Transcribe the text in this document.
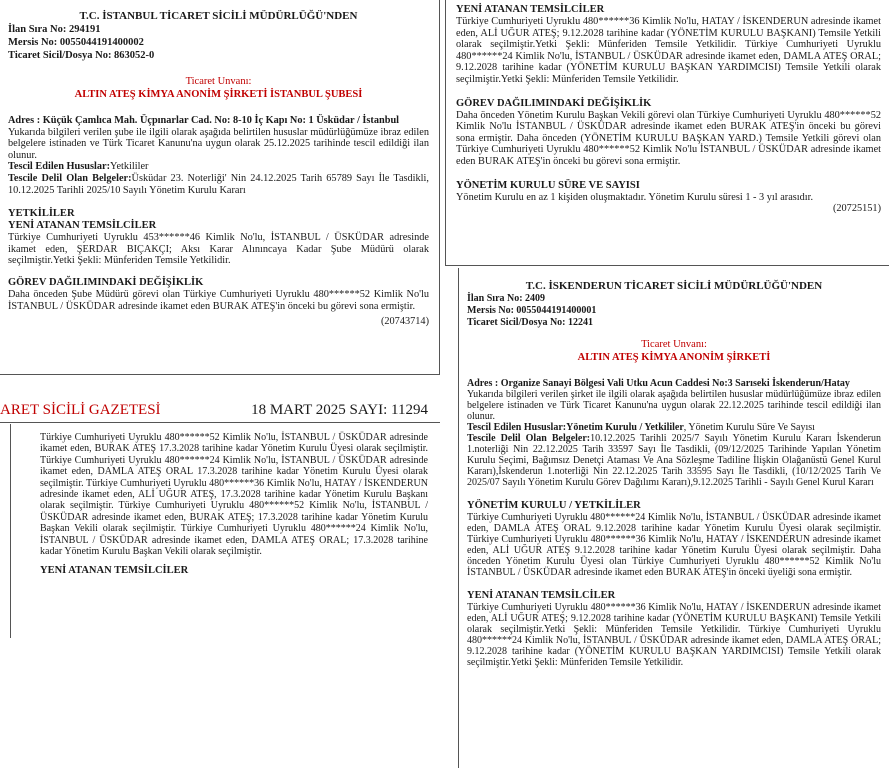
T.C. İSTANBUL TİCARET SİCİLİ MÜDÜRLÜĞÜ'NDEN
İlan Sıra No: 294191
Mersis No: 0055044191400002
Ticaret Sicil/Dosya No: 863052-0
Ticaret Unvanı:
ALTIN ATEŞ KİMYA ANONİM ŞİRKETİ İSTANBUL ŞUBESİ
Adres : Küçük Çamlıca Mah. Üçpınarlar Cad. No: 8-10 İç Kapı No: 1 Üsküdar / İstanbul
Yukarıda bilgileri verilen şube ile ilgili olarak aşağıda belirtilen hususlar müdürlüğümüze ibraz edilen belgelere istinaden ve Türk Ticaret Kanunu'na uygun olarak 25.12.2025 tarihinde tescil edildiği ilan olunur.
Tescil Edilen Hususlar:Yetkililer
Tescile Delil Olan Belgeler:Üsküdar 23. Noterliği' Nin 24.12.2025 Tarih 65789 Sayı İle Tasdikli, 10.12.2025 Tarihli 2025/10 Sayılı Yönetim Kurulu Kararı
YETKİLİLER
YENİ ATANAN TEMSİLCİLER
Türkiye Cumhuriyeti Uyruklu 453******46 Kimlik No'lu, İSTANBUL / ÜSKÜDAR adresinde ikamet eden, ŞERDAR BIÇAKÇI; Aksı Karar Alınıncaya Kadar Şube Müdürü olarak seçilmiştir.Yetki Şekli: Münferiden Temsile Yetkilidir.
GÖREV DAĞILIMINDAKİ DEĞİŞİKLİK
Daha önceden Şube Müdürü görevi olan Türkiye Cumhuriyeti Uyruklu 480******52 Kimlik No'lu İSTANBUL / ÜSKÜDAR adresinde ikamet eden BURAK ATEŞ'in önceki bu görevi sona ermiştir.
(20743714)
YENİ ATANAN TEMSİLCİLER
Türkiye Cumhuriyeti Uyruklu 480******36 Kimlik No'lu, HATAY / İSKENDERUN adresinde ikamet eden, ALİ UĞUR ATEŞ; 9.12.2028 tarihine kadar (YÖNETİM KURULU BAŞKANI) Temsile Yetkili olarak seçilmiştir.Yetki Şekli: Münferiden Temsile Yetkilidir. Türkiye Cumhuriyeti Uyruklu 480******24 Kimlik No'lu, İSTANBUL / ÜSKÜDAR adresinde ikamet eden, DAMLA ATEŞ ORAL; 9.12.2028 tarihine kadar (YÖNETİM KURULU BAŞKAN YARDIMCISI) Temsile Yetkili olarak seçilmiştir.Yetki Şekli: Münferiden Temsile Yetkilidir.
GÖREV DAĞILIMINDAKİ DEĞİŞİKLİK
Daha önceden Yönetim Kurulu Başkan Vekili görevi olan Türkiye Cumhuriyeti Uyruklu 480******52 Kimlik No'lu İSTANBUL / ÜSKÜDAR adresinde ikamet eden BURAK ATEŞ'in önceki bu görevi sona ermiştir. Daha önceden (YÖNETİM KURULU BAŞKAN YARD.) Temsile Yetkili görevi olan Türkiye Cumhuriyeti Uyruklu 480******52 Kimlik No'lu İSTANBUL / ÜSKÜDAR adresinde ikamet eden BURAK ATEŞ'in önceki bu görevi sona ermiştir.
YÖNETİM KURULU SÜRE VE SAYISI
Yönetim Kurulu en az 1 kişiden oluşmaktadır. Yönetim Kurulu süresi 1 - 3 yıl arasıdır.
(20725151)
ARET SİCİLİ GAZETESİ	18 MART 2025 SAYI: 11294
Türkiye Cumhuriyeti Uyruklu 480******52 Kimlik No'lu, İSTANBUL / ÜSKÜDAR adresinde ikamet eden, BURAK ATEŞ 17.3.2028 tarihine kadar Yönetim Kurulu Üyesi olarak seçilmiştir. Türkiye Cumhuriyeti Uyruklu 480******24 Kimlik No'lu, İSTANBUL / ÜSKÜDAR adresinde ikamet eden, DAMLA ATEŞ ORAL 17.3.2028 tarihine kadar Yönetim Kurulu Üyesi olarak seçilmiştir. Türkiye Cumhuriyeti Uyruklu 480******36 Kimlik No'lu, HATAY / İSKENDERUN adresinde ikamet eden, ALİ UĞUR ATEŞ, 17.3.2028 tarihine kadar Yönetim Kurulu Başkanı olarak seçilmiştir. Türkiye Cumhuriyeti Uyruklu 480******52 Kimlik No'lu, İSTANBUL / ÜSKÜDAR adresinde ikamet eden, BURAK ATEŞ; 17.3.2028 tarihine kadar Yönetim Kurulu Başkan Vekili olarak seçilmiştir. Türkiye Cumhuriyeti Uyruklu 480******24 Kimlik No'lu, İSTANBUL / ÜSKÜDAR adresinde ikamet eden, DAMLA ATEŞ ORAL; 17.3.2028 tarihine kadar Yönetim Kurulu Başkan Vekili olarak seçilmiştir.
YENİ ATANAN TEMSİLCİLER
T.C. İSKENDERUN TİCARET SİCİLİ MÜDÜRLÜĞÜ'NDEN
İlan Sıra No: 2409
Mersis No: 0055044191400001
Ticaret Sicil/Dosya No: 12241
Ticaret Unvanı:
ALTIN ATEŞ KİMYA ANONİM ŞİRKETİ
Adres : Organize Sanayi Bölgesi Vali Utku Acun Caddesi No:3 Sarıseki İskenderun/Hatay
Yukarıda bilgileri verilen şirket ile ilgili olarak aşağıda belirtilen hususlar müdürlüğümüze ibraz edilen belgelere istinaden ve Türk Ticaret Kanunu'na uygun olarak 22.12.2025 tarihinde tescil edildiği ilan olunur.
Tescil Edilen Hususlar:Yönetim Kurulu / Yetkililer, Yönetim Kurulu Süre Ve Sayısı
Tescile Delil Olan Belgeler:10.12.2025 Tarihli 2025/7 Sayılı Yönetim Kurulu Kararı İskenderun 1.noterliği Nin 22.12.2025 Tarih 33597 Sayı İle Tasdikli, (09/12/2025 Tarihinde Yapılan Yönetim Kurulu Seçimi, Bağımsız Denetçi Ataması Ve Ana Sözleşme Tadiline İlişkin Olağanüstü Genel Kurul Kararı),İskenderun 1.noterliği Nin 22.12.2025 Tarih 33595 Sayı İle Tasdikli, (10/12/2025 Tarih Ve 2025/07 Sayılı Yönetim Kurulu Görev Dağılımı Kararı),9.12.2025 Tarihli - Sayılı Genel Kurul Kararı
YÖNETİM KURULU / YETKİLİLER
Türkiye Cumhuriyeti Uyruklu 480******24 Kimlik No'lu, İSTANBUL / ÜSKÜDAR adresinde ikamet eden, DAMLA ATEŞ ORAL 9.12.2028 tarihine kadar Yönetim Kurulu Üyesi olarak seçilmiştir. Türkiye Cumhuriyeti Uyruklu 480******36 Kimlik No'lu, HATAY / İSKENDERUN adresinde ikamet eden, ALİ UĞUR ATEŞ 9.12.2028 tarihine kadar Yönetim Kurulu Üyesi olarak seçilmiştir. Daha önceden Yönetim Kurulu Üyesi olan Türkiye Cumhuriyeti Uyruklu 480******52 Kimlik No'lu İSTANBUL / ÜSKÜDAR adresinde ikamet eden BURAK ATEŞ'in önceki üyeliği sona ermiştir.
YENİ ATANAN TEMSİLCİLER
Türkiye Cumhuriyeti Uyruklu 480******36 Kimlik No'lu, HATAY / İSKENDERUN adresinde ikamet eden, ALİ UĞUR ATEŞ; 9.12.2028 tarihine kadar (YÖNETİM KURULU BAŞKANI) Temsile Yetkili olarak seçilmiştir.Yetki Şekli: Münferiden Temsile Yetkilidir. Türkiye Cumhuriyeti Uyruklu 480******24 Kimlik No'lu, İSTANBUL / ÜSKÜDAR adresinde ikamet eden, DAMLA ATEŞ ORAL; 9.12.2028 tarihine kadar (YÖNETİM KURULU BAŞKAN YARDIMCISI) Temsile Yetkili olarak seçilmiştir.Yetki Şekli: Münferiden Temsile Yetkilidir.
